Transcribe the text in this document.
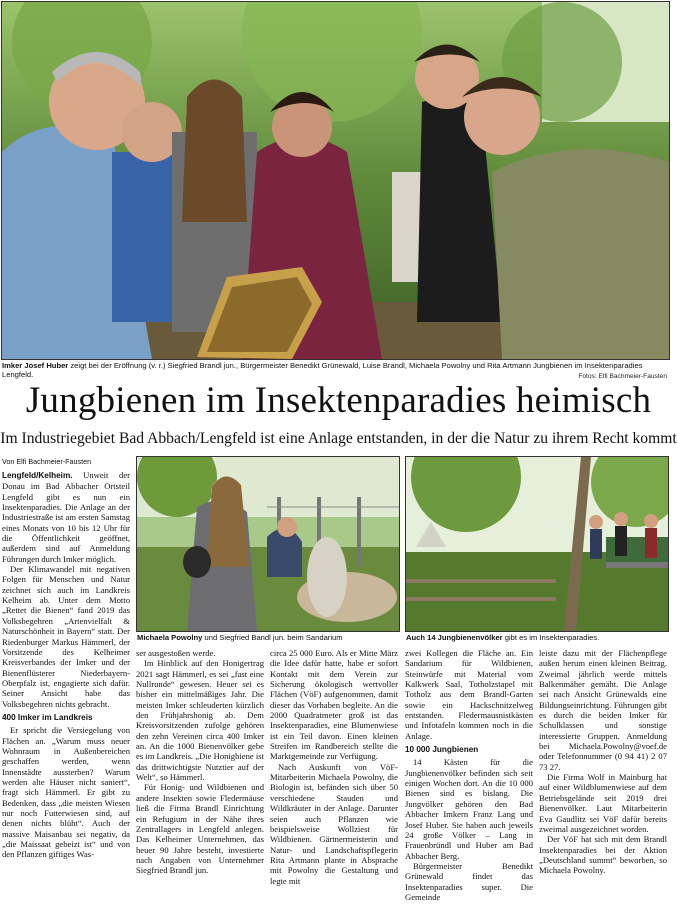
Imker Josef Huber zeigt bei der Eröffnung (v. r.) Siegfried Brandl jun., Bürgermeister Benedikt Grünewald, Luise Brandl, Michaela Powolny und Rita Artmann Jungbienen im Insektenparadies Lengfeld.	Fotos: Elfi Bachmeier-Fausten
Jungbienen im Insektenparadies heimisch
Im Industriegebiet Bad Abbach/Lengfeld ist eine Anlage entstanden, in der die Natur zu ihrem Recht kommt
Von Elfi Bachmeier-Fausten

Lengfeld/Kelheim. Unweit der Donau im Bad Abbacher Ortsteil Lengfeld gibt es nun ein Insektenparadies. Die Anlage an der Industriestraße ist am ersten Samstag eines Monats von 10 bis 12 Uhr für die Öffentlichkeit geöffnet, außerdem sind auf Anmeldung Führungen durch Imker möglich.

Der Klimawandel mit negativen Folgen für Menschen und Natur zeichnet sich auch im Landkreis Kelheim ab. Unter dem Motto „Rettet die Bienen“ fand 2019 das Volksbegehren „Artenvielfalt & Naturschönheit in Bayern“ statt. Der Riedenburger Markus Hämmerl, der Vorsitzende des Kelheimer Kreisverbandes der Imker und der Bienenflüsterer Niederbayern-Oberpfalz ist, engagierte sich dafür. Seiner Ansicht habe das Volksbegehren nichts gebracht.

400 Imker im Landkreis

Er spricht die Versiegelung von Flächen an. „Warum muss neuer Wohnraum in Außenbereichen geschaffen werden, wenn Innenstädte aussterben? Warum werden alte Häuser nicht saniert“, fragt sich Hämmerl. Er gibt zu Bedenken, dass „die meisten Wiesen nur noch Futterwiesen sind, auf denen nichts blüht“. Auch der massive Maisanbau sei negativ, da „die Maissaat gebeizt ist“ und von den Pflanzen giftiges Was-

Michaela Powolny und Siegfried Bandl jun. beim Sandarium	Auch 14 Jungbienenvölker gibt es im Insektenparadies.

ser ausgestoßen werde.

Im Hinblick auf den Honigertrag 2021 sagt Hämmerl, es sei „fast eine Nullrunde“ gewesen. Heuer sei es bisher ein mittelmäßiges Jahr. Die meisten Imker schleuderten kürzlich den Frühjahrshonig ab. Dem Kreisvorsitzenden zufolge gehören den zehn Vereinen circa 400 Imker an. An die 1000 Bienenvölker gebe es im Landkreis. „Die Honigbiene ist das drittwichtigste Nutztier auf der Welt“, so Hämmerl.

Für Honig- und Wildbienen und andere Insekten sowie Fledermäuse ließ die Firma Brandl Einrichtung ein Refugium in der Nähe ihres Zentrallagers in Lengfeld anlegen. Das Kelheimer Unternehmen, das heuer 90 Jahre besteht, investierte nach Angaben von Unternehmer Siegfried Brandl jun.

circa 25 000 Euro. Als er Mitte März die Idee dafür hatte, habe er sofort Kontakt mit dem Verein zur Sicherung ökologisch wertvoller Flächen (VöF) aufgenommen, damit dieser das Vorhaben begleite. An die 2000 Quadratmeter groß ist das Insektenparadies, eine Blumenwiese ist ein Teil davon. Einen kleinen Streifen im Randbereich stellte die Marktgemeinde zur Verfügung.

Nach Auskunft von VöF-Mitarbeiterin Michaela Powolny, die Biologin ist, befänden sich über 50 verschiedene Stauden und Wildkräuter in der Anlage. Darunter seien auch Pflanzen wie beispielsweise Wollziest für Wildbienen. Gärtnermeisterin und Natur- und Landschaftspflegerin Rita Artmann plante in Absprache mit Powolny die Gestaltung und legte mit

zwei Kollegen die Fläche an. Ein Sandarium für Wildbienen, Steinwürfe mit Material vom Kalkwerk Saal, Totholzstapel mit Totholz aus dem Brandl-Garten sowie ein Hackschnitzelweg entstanden. Fledermausnistkästen und Infotafeln kommen noch in die Anlage.

10 000 Jungbienen

14 Kästen für die Jungbienenvölker befinden sich seit einigen Wochen dort. An die 10 000 Bienen sind es bislang. Die Jungvölker gehören den Bad Abbacher Imkern Franz Lang und Josef Huber. Sie haben auch jeweils 24 große Völker – Lang in Frauenbründl und Huber am Bad Abbacher Berg.

Bürgermeister Benedikt Grünewald findet das Insektenparadies super. Die Gemeinde

leiste dazu mit der Flächenpflege außen herum einen kleinen Beitrag. Zweimal jährlich werde mittels Balkenmäher gemäht. Die Anlage sei nach Ansicht Grünewalds eine Bildungseinrichtung. Führungen gibt es durch die beiden Imker für Schulklassen und sonstige interessierte Gruppen. Anmeldung bei Michaela.Powolny@voef.de oder Telefonnummer (0 94 41) 2 07 73 27.

Die Firma Wolf in Mainburg hat auf einer Wildblumenwiese auf dem Betriebsgelände seit 2019 drei Bienenvölker. Laut Mitarbeiterin Eva Gaudlitz sei VöF dafür bereits zweimal ausgezeichnet worden.

Der VöF hat sich mit dem Brandl Insektenparadies bei der Aktion „Deutschland summt“ beworben, so Michaela Powolny.
